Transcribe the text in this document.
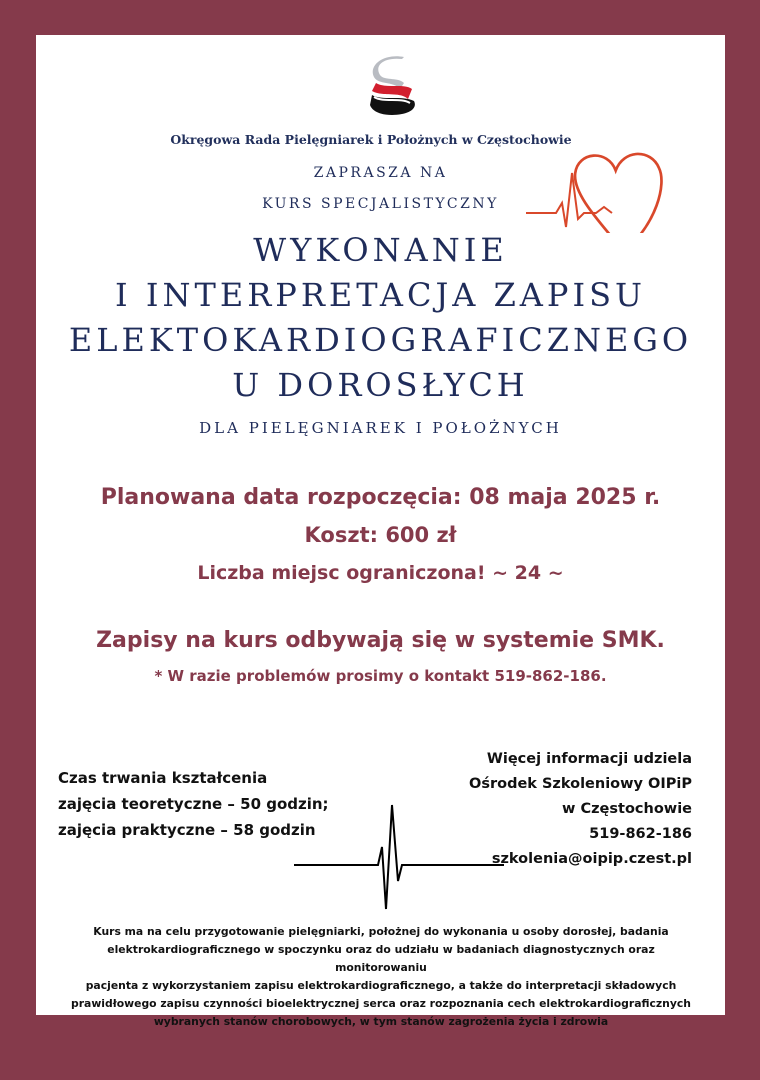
Okręgowa Rada Pielęgniarek i Położnych w Częstochowie
ZAPRASZA NA
KURS SPECJALISTYCZNY
WYKONANIE
I INTERPRETACJA ZAPISU
ELEKTOKARDIOGRAFICZNEGO
U DOROSŁYCH
DLA PIELĘGNIAREK I POŁOŻNYCH
Planowana data rozpoczęcia: 08 maja 2025 r.
Koszt: 600 zł
Liczba miejsc ograniczona! ~ 24 ~
Zapisy na kurs odbywają się w systemie SMK.
* W razie problemów prosimy o kontakt 519-862-186.
Czas trwania kształcenia
zajęcia teoretyczne – 50 godzin;
zajęcia praktyczne – 58 godzin
Więcej informacji udziela
Ośrodek Szkoleniowy OIPiP
w Częstochowie
519-862-186
szkolenia@oipip.czest.pl
Kurs ma na celu przygotowanie pielęgniarki, położnej do wykonania u osoby dorosłej, badania
elektrokardiograficznego w spoczynku oraz do udziału w badaniach diagnostycznych oraz monitorowaniu
pacjenta z wykorzystaniem zapisu elektrokardiograficznego, a także do interpretacji składowych
prawidłowego zapisu czynności bioelektrycznej serca oraz rozpoznania cech elektrokardiograficznych
wybranych stanów chorobowych, w tym stanów zagrożenia życia i zdrowia
